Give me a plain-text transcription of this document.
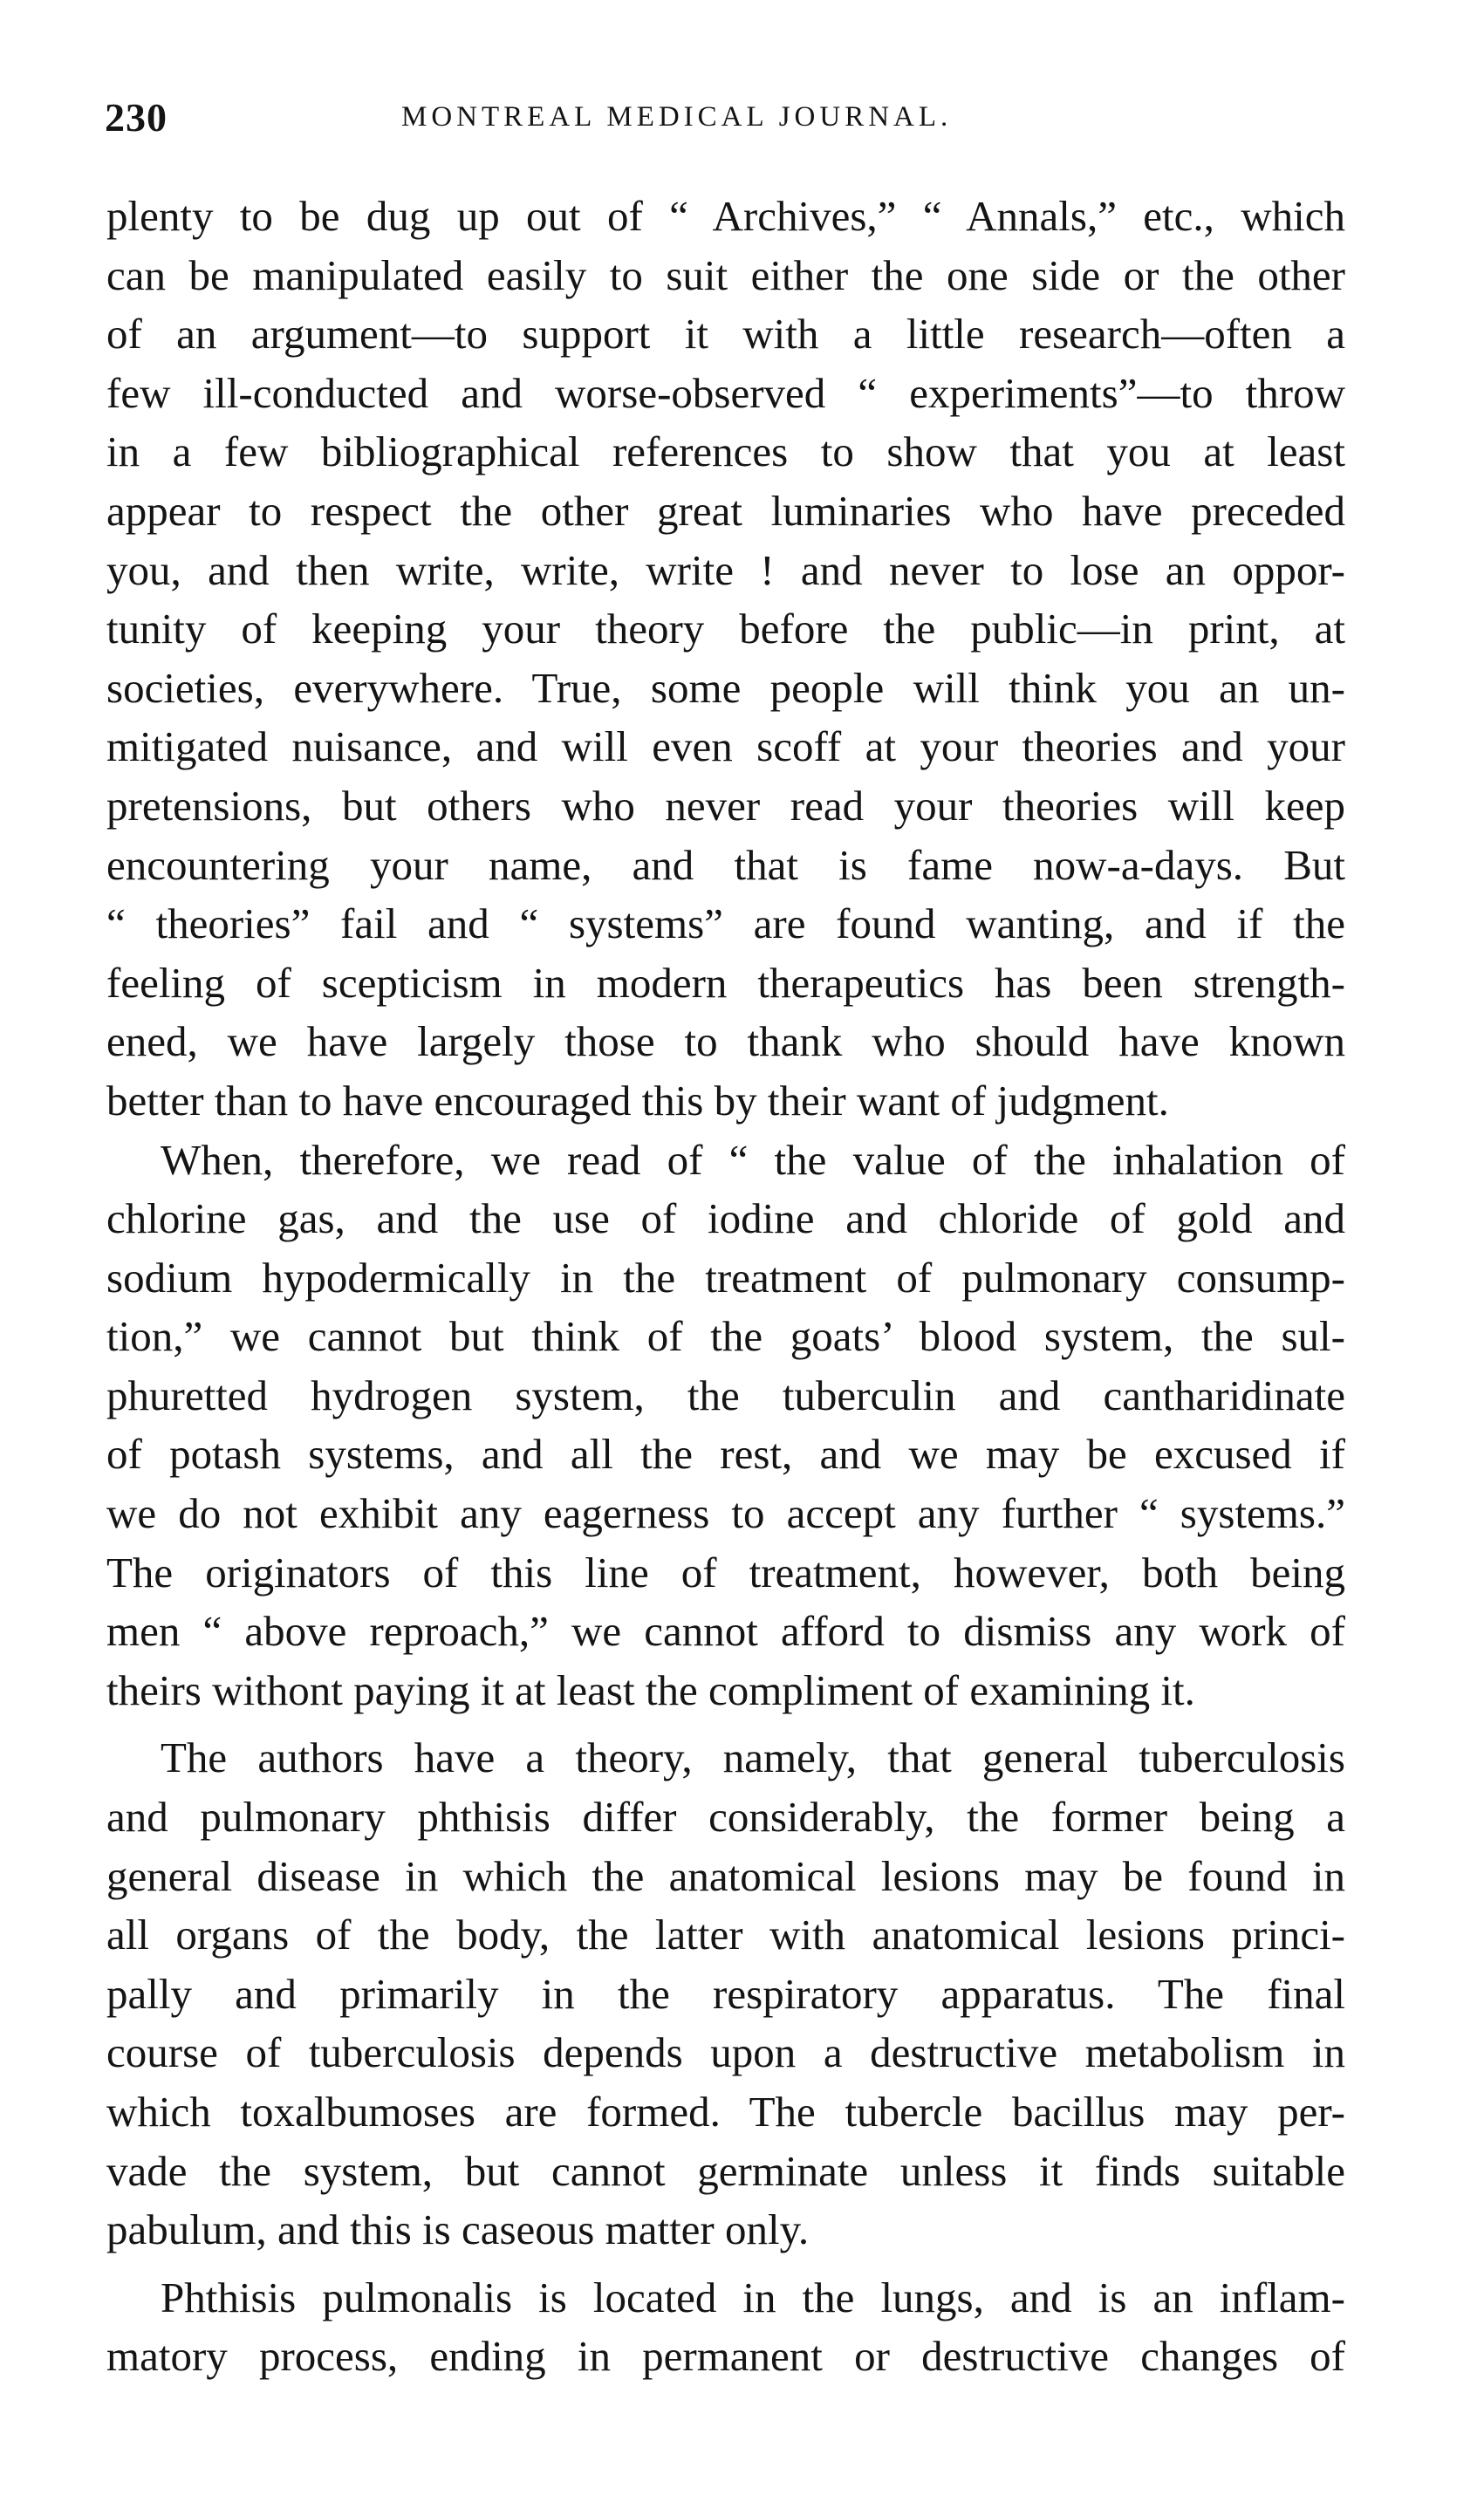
230	MONTREAL MEDICAL JOURNAL.
plenty to be dug up out of “ Archives,” “ Annals,” etc., which
can be manipulated easily to suit either the one side or the other
of an argument—to support it with a little research—often a
few ill-conducted and worse-observed “ experiments”—to throw
in a few bibliographical references to show that you at least
appear to respect the other great luminaries who have preceded
you, and then write, write, write ! and never to lose an oppor-
tunity of keeping your theory before the public—in print, at
societies, everywhere. True, some people will think you an un-
mitigated nuisance, and will even scoff at your theories and your
pretensions, but others who never read your theories will keep
encountering your name, and that is fame now-a-days. But
“ theories” fail and “ systems” are found wanting, and if the
feeling of scepticism in modern therapeutics has been strength-
ened, we have largely those to thank who should have known
better than to have encouraged this by their want of judgment.
When, therefore, we read of “ the value of the inhalation of
chlorine gas, and the use of iodine and chloride of gold and
sodium hypodermically in the treatment of pulmonary consump-
tion,” we cannot but think of the goats’ blood system, the sul-
phuretted hydrogen system, the tuberculin and cantharidinate
of potash systems, and all the rest, and we may be excused if
we do not exhibit any eagerness to accept any further “ systems.”
The originators of this line of treatment, however, both being
men “ above reproach,” we cannot afford to dismiss any work of
theirs withont paying it at least the compliment of examining it.
The authors have a theory, namely, that general tuberculosis
and pulmonary phthisis differ considerably, the former being a
general disease in which the anatomical lesions may be found in
all organs of the body, the latter with anatomical lesions princi-
pally and primarily in the respiratory apparatus. The final
course of tuberculosis depends upon a destructive metabolism in
which toxalbumoses are formed. The tubercle bacillus may per-
vade the system, but cannot germinate unless it finds suitable
pabulum, and this is caseous matter only.
Phthisis pulmonalis is located in the lungs, and is an inflam-
matory process, ending in permanent or destructive changes of
